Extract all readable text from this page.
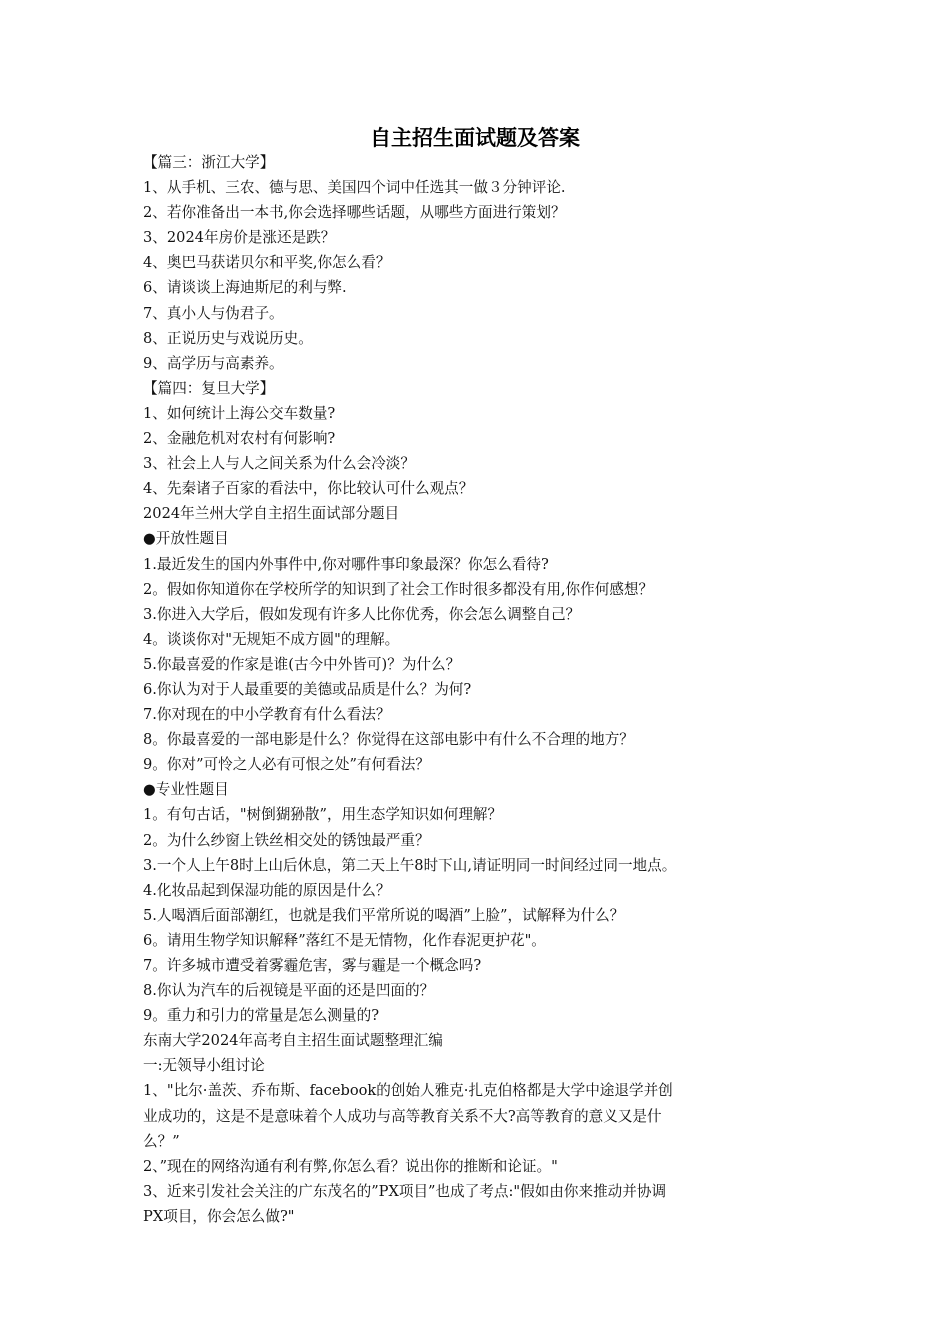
自主招生面试题及答案
【篇三：浙江大学】
1、从手机、三农、德与思、美国四个词中任选其一做３分钟评论.
2、若你准备出一本书,你会选择哪些话题，从哪些方面进行策划？
3、2024年房价是涨还是跌？
4、奥巴马获诺贝尔和平奖,你怎么看？
6、请谈谈上海迪斯尼的利与弊.
7、真小人与伪君子。
8、正说历史与戏说历史。
9、高学历与高素养。
【篇四：复旦大学】
1、如何统计上海公交车数量?
2、金融危机对农村有何影响?
3、社会上人与人之间关系为什么会冷淡？
4、先秦诸子百家的看法中，你比较认可什么观点？
2024年兰州大学自主招生面试部分题目
●开放性题目
1.最近发生的国内外事件中,你对哪件事印象最深？你怎么看待?
2。假如你知道你在学校所学的知识到了社会工作时很多都没有用,你作何感想？
3.你进入大学后，假如发现有许多人比你优秀，你会怎么调整自己？
4。谈谈你对"无规矩不成方圆"的理解。
5.你最喜爱的作家是谁(古今中外皆可)？为什么？
6.你认为对于人最重要的美德或品质是什么？为何?
7.你对现在的中小学教育有什么看法？
8。你最喜爱的一部电影是什么？你觉得在这部电影中有什么不合理的地方？
9。你对”可怜之人必有可恨之处”有何看法？
●专业性题目
1。有句古话，"树倒猢狲散”，用生态学知识如何理解？
2。为什么纱窗上铁丝相交处的锈蚀最严重？
3.一个人上午8时上山后休息，第二天上午8时下山,请证明同一时间经过同一地点。
4.化妆品起到保湿功能的原因是什么？
5.人喝酒后面部潮红，也就是我们平常所说的喝酒”上脸”，试解释为什么？
6。请用生物学知识解释”落红不是无情物，化作春泥更护花"。
7。许多城市遭受着雾霾危害，雾与霾是一个概念吗?
8.你认为汽车的后视镜是平面的还是凹面的？
9。重力和引力的常量是怎么测量的?
东南大学2024年高考自主招生面试题整理汇编
一:无领导小组讨论
1、"比尔·盖茨、乔布斯、facebook的创始人雅克·扎克伯格都是大学中途退学并创
业成功的，这是不是意味着个人成功与高等教育关系不大?高等教育的意义又是什
么？”
2、”现在的网络沟通有利有弊,你怎么看？说出你的推断和论证。"
3、近来引发社会关注的广东茂名的”PX项目”也成了考点:"假如由你来推动并协调
PX项目，你会怎么做?"
